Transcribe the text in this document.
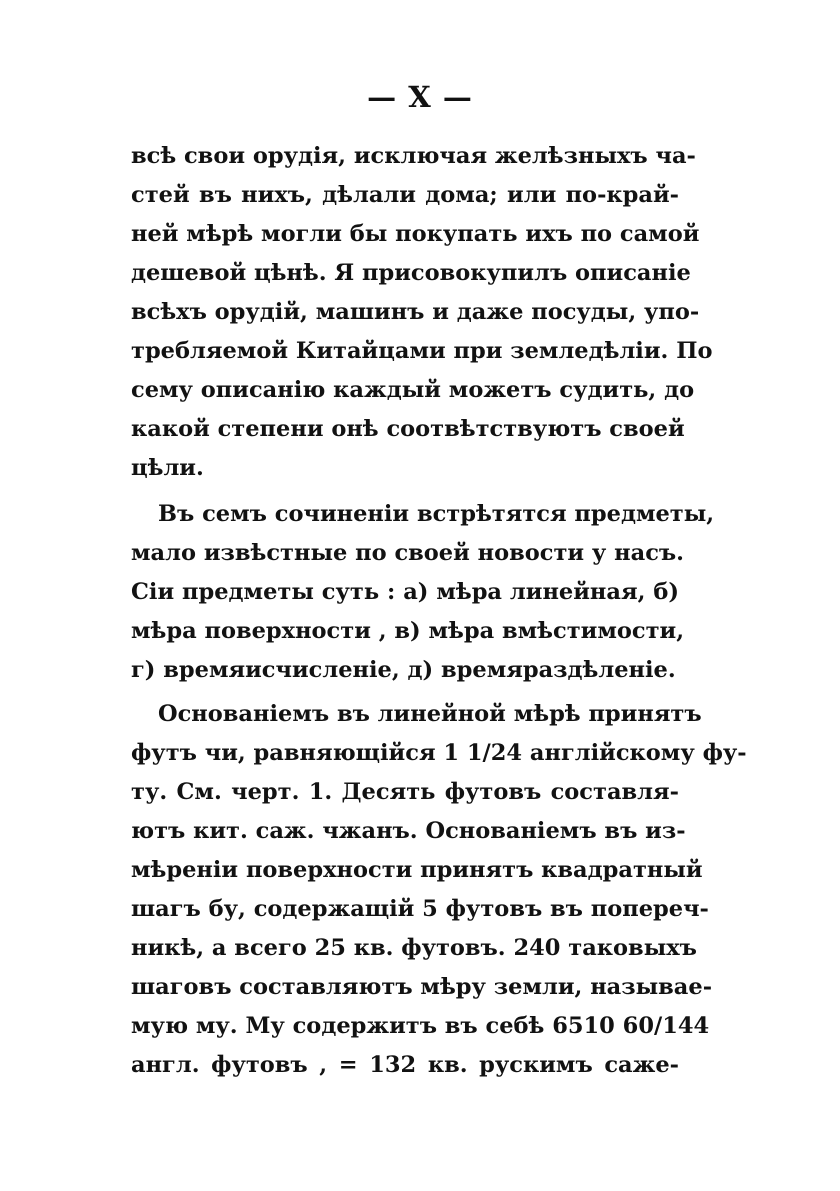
— X —
всѣ свои орудія, исключая желѣзныхъ ча-
стей въ нихъ, дѣлали дома; или по-край-
ней мѣрѣ могли бы покупать ихъ по самой
дешевой цѣнѣ. Я присовокупилъ описаніе
всѣхъ орудій, машинъ и даже посуды, упо-
требляемой Китайцами при земледѣліи. По
сему описанію каждый можетъ судить, до
какой степени онѣ соотвѣтствуютъ своей
цѣли.
Въ семъ сочиненіи встрѣтятся предметы,
мало извѣстные по своей новости у насъ.
Сіи предметы суть : а) мѣра линейная, б)
мѣра поверхности , в) мѣра вмѣстимости,
г) времяисчисленіе, д) времяраздѣленіе.
Основаніемъ въ линейной мѣрѣ принятъ
футъ чи, равняющійся 1 1/24 англійскому фу-
ту. См. черт. 1. Десять футовъ составля-
ютъ кит. саж. чжанъ. Основаніемъ въ из-
мѣреніи поверхности принятъ квадратный
шагъ бу, содержащій 5 футовъ въ попереч-
никѣ, а всего 25 кв. футовъ. 240 таковыхъ
шаговъ составляютъ мѣру земли, называе-
мую му. Му содержитъ въ себѣ 6510 60/144
англ. футовъ , = 132 кв. рускимъ саже-
